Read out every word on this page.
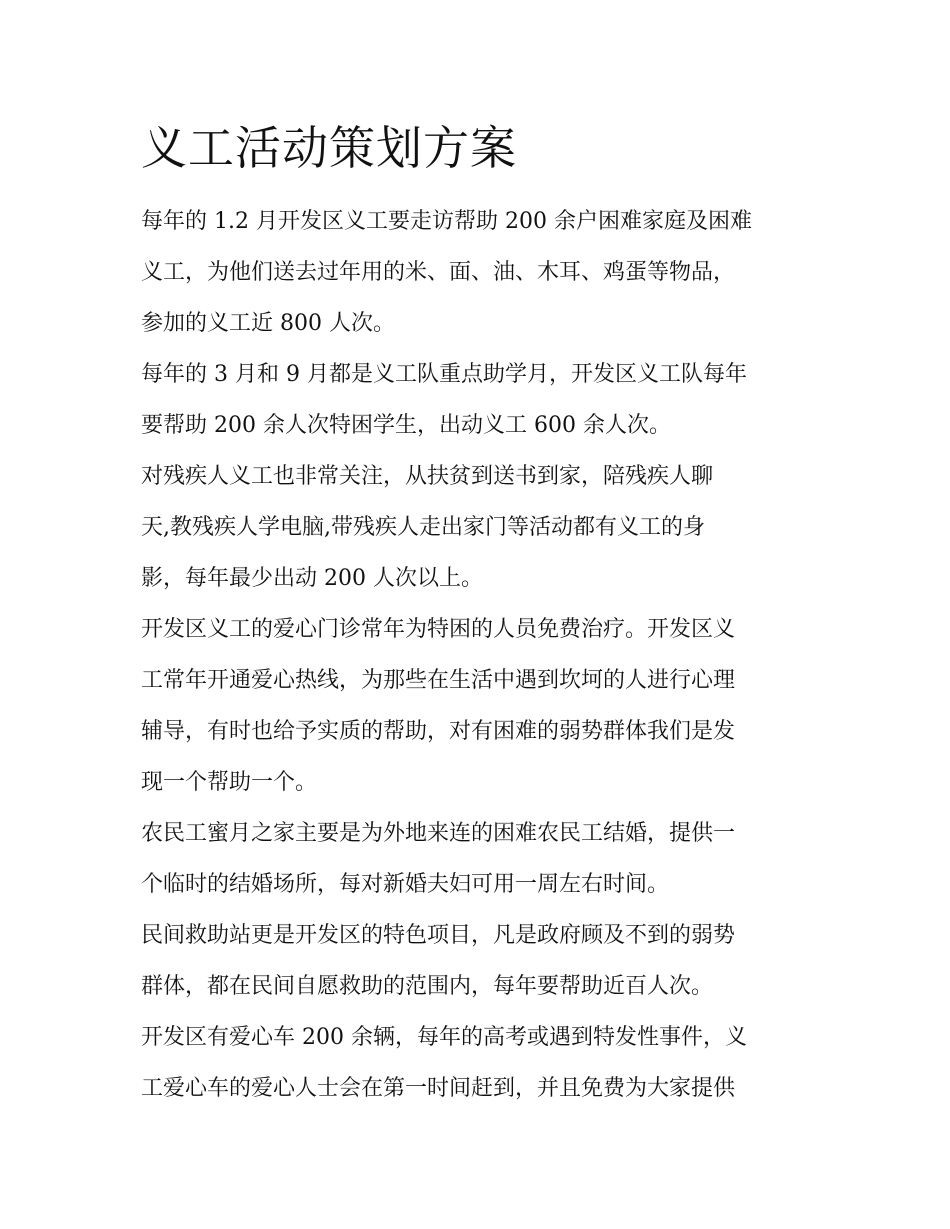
义工活动策划方案

每年的 1.2 月开发区义工要走访帮助 200 余户困难家庭及困难
义工，为他们送去过年用的米、面、油、木耳、鸡蛋等物品，
参加的义工近 800 人次。

每年的 3 月和 9 月都是义工队重点助学月，开发区义工队每年
要帮助 200 余人次特困学生，出动义工 600 余人次。

对残疾人义工也非常关注，从扶贫到送书到家，陪残疾人聊
天,教残疾人学电脑,带残疾人走出家门等活动都有义工的身
影，每年最少出动 200 人次以上。

开发区义工的爱心门诊常年为特困的人员免费治疗。开发区义
工常年开通爱心热线，为那些在生活中遇到坎坷的人进行心理
辅导，有时也给予实质的帮助，对有困难的弱势群体我们是发
现一个帮助一个。

农民工蜜月之家主要是为外地来连的困难农民工结婚，提供一
个临时的结婚场所，每对新婚夫妇可用一周左右时间。

民间救助站更是开发区的特色项目，凡是政府顾及不到的弱势
群体，都在民间自愿救助的范围内，每年要帮助近百人次。

开发区有爱心车 200 余辆，每年的高考或遇到特发性事件，义
工爱心车的爱心人士会在第一时间赶到，并且免费为大家提供
